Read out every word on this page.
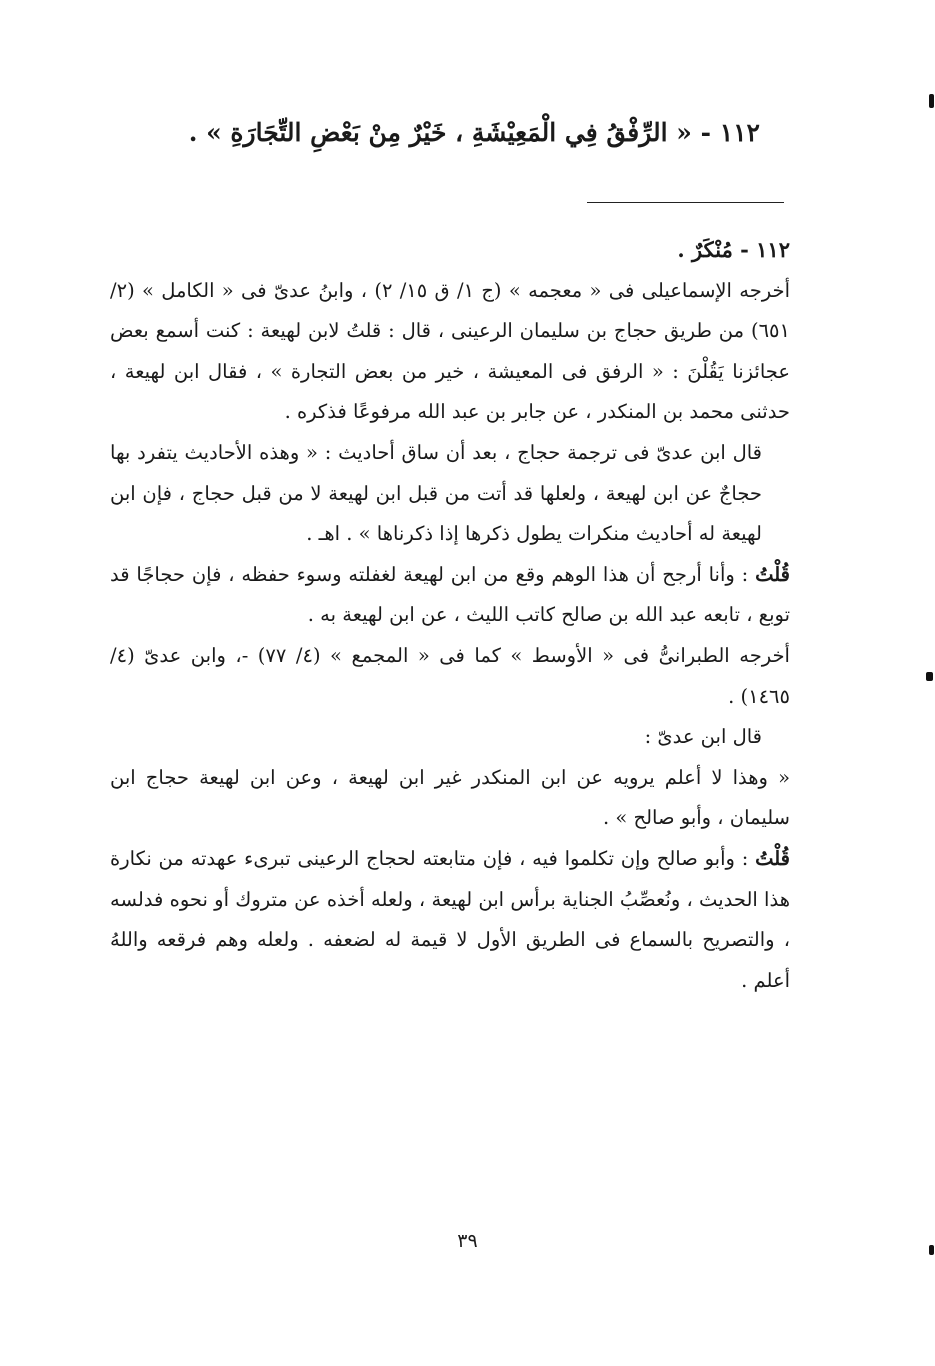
١١٢ - « الرِّفْقُ فِي الْمَعِيْشَةِ ، خَيْرٌ مِنْ بَعْضِ التِّجَارَةِ » .

١١٢ - مُنْكَرٌ .

أخرجه الإسماعيلى فى « معجمه » (ج ١/ ق ١٥/ ٢) ، وابنُ عدىّ فى « الكامل » (٢/ ٦٥١) من طريق حجاج بن سليمان الرعينى ، قال : قلتُ لابن لهيعة : كنت أسمع بعض عجائزنا يَقُلْنَ : « الرفق فى المعيشة ، خير من بعض التجارة » ، فقال ابن لهيعة ، حدثنى محمد بن المنكدر ، عن جابر بن عبد الله مرفوعًا فذكره .

قال ابن عدىّ فى ترجمة حجاج ، بعد أن ساق أحاديث : « وهذه الأحاديث يتفرد بها حجاجٌ عن ابن لهيعة ، ولعلها قد أتت من قبل ابن لهيعة لا من قبل حجاج ، فإن ابن لهيعة له أحاديث منكرات يطول ذكرها إذا ذكرناها » . اهـ .

قُلْتُ : وأنا أرجح أن هذا الوهم وقع من ابن لهيعة لغفلته وسوء حفظه ، فإن حجاجًا قد توبع ، تابعه عبد الله بن صالح كاتب الليث ، عن ابن لهيعة به .

أخرجه الطبرانىُّ فى « الأوسط » كما فى « المجمع » (٤/ ٧٧) -، وابن عدىّ (٤/ ١٤٦٥) .

قال ابن عدىّ :

« وهذا لا أعلم يرويه عن ابن المنكدر غير ابن لهيعة ، وعن ابن لهيعة حجاج ابن سليمان ، وأبو صالح » .

قُلْتُ : وأبو صالح وإن تكلموا فيه ، فإن متابعته لحجاج الرعينى تبرىء عهدته من نكارة هذا الحديث ، ونُعصِّبُ الجناية برأس ابن لهيعة ، ولعله أخذه عن متروك أو نحوه فدلسه ، والتصريح بالسماع فى الطريق الأول لا قيمة له لضعفه . ولعله وهم فرقعه واللهُ أعلم .

٣٩
